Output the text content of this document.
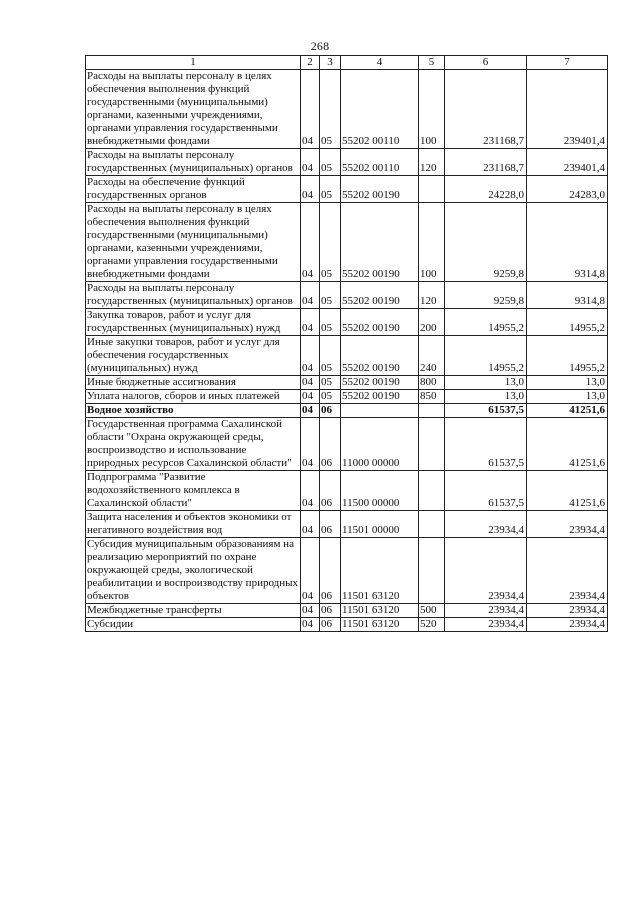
268
1	2	3	4	5	6	7
Расходы на выплаты персоналу в целях обеспечения выполнения функций государственными (муниципальными) органами, казенными учреждениями, органами управления государственными внебюджетными фондами	04	05	55202 00110	100	231168,7	239401,4
Расходы на выплаты персоналу государственных (муниципальных) органов	04	05	55202 00110	120	231168,7	239401,4
Расходы на обеспечение функций государственных органов	04	05	55202 00190		24228,0	24283,0
Расходы на выплаты персоналу в целях обеспечения выполнения функций государственными (муниципальными) органами, казенными учреждениями, органами управления государственными внебюджетными фондами	04	05	55202 00190	100	9259,8	9314,8
Расходы на выплаты персоналу государственных (муниципальных) органов	04	05	55202 00190	120	9259,8	9314,8
Закупка товаров, работ и услуг для государственных (муниципальных) нужд	04	05	55202 00190	200	14955,2	14955,2
Иные закупки товаров, работ и услуг для обеспечения государственных (муниципальных) нужд	04	05	55202 00190	240	14955,2	14955,2
Иные бюджетные ассигнования	04	05	55202 00190	800	13,0	13,0
Уплата налогов, сборов и иных платежей	04	05	55202 00190	850	13,0	13,0
Водное хозяйство	04	06			61537,5	41251,6
Государственная программа Сахалинской области "Охрана окружающей среды, воспроизводство и использование природных ресурсов Сахалинской области"	04	06	11000 00000		61537,5	41251,6
Подпрограмма "Развитие водохозяйственного комплекса в Сахалинской области"	04	06	11500 00000		61537,5	41251,6
Защита населения и объектов экономики от негативного воздействия вод	04	06	11501 00000		23934,4	23934,4
Субсидия муниципальным образованиям на реализацию мероприятий по охране окружающей среды, экологической реабилитации и воспроизводству природных объектов	04	06	11501 63120		23934,4	23934,4
Межбюджетные трансферты	04	06	11501 63120	500	23934,4	23934,4
Субсидии	04	06	11501 63120	520	23934,4	23934,4
